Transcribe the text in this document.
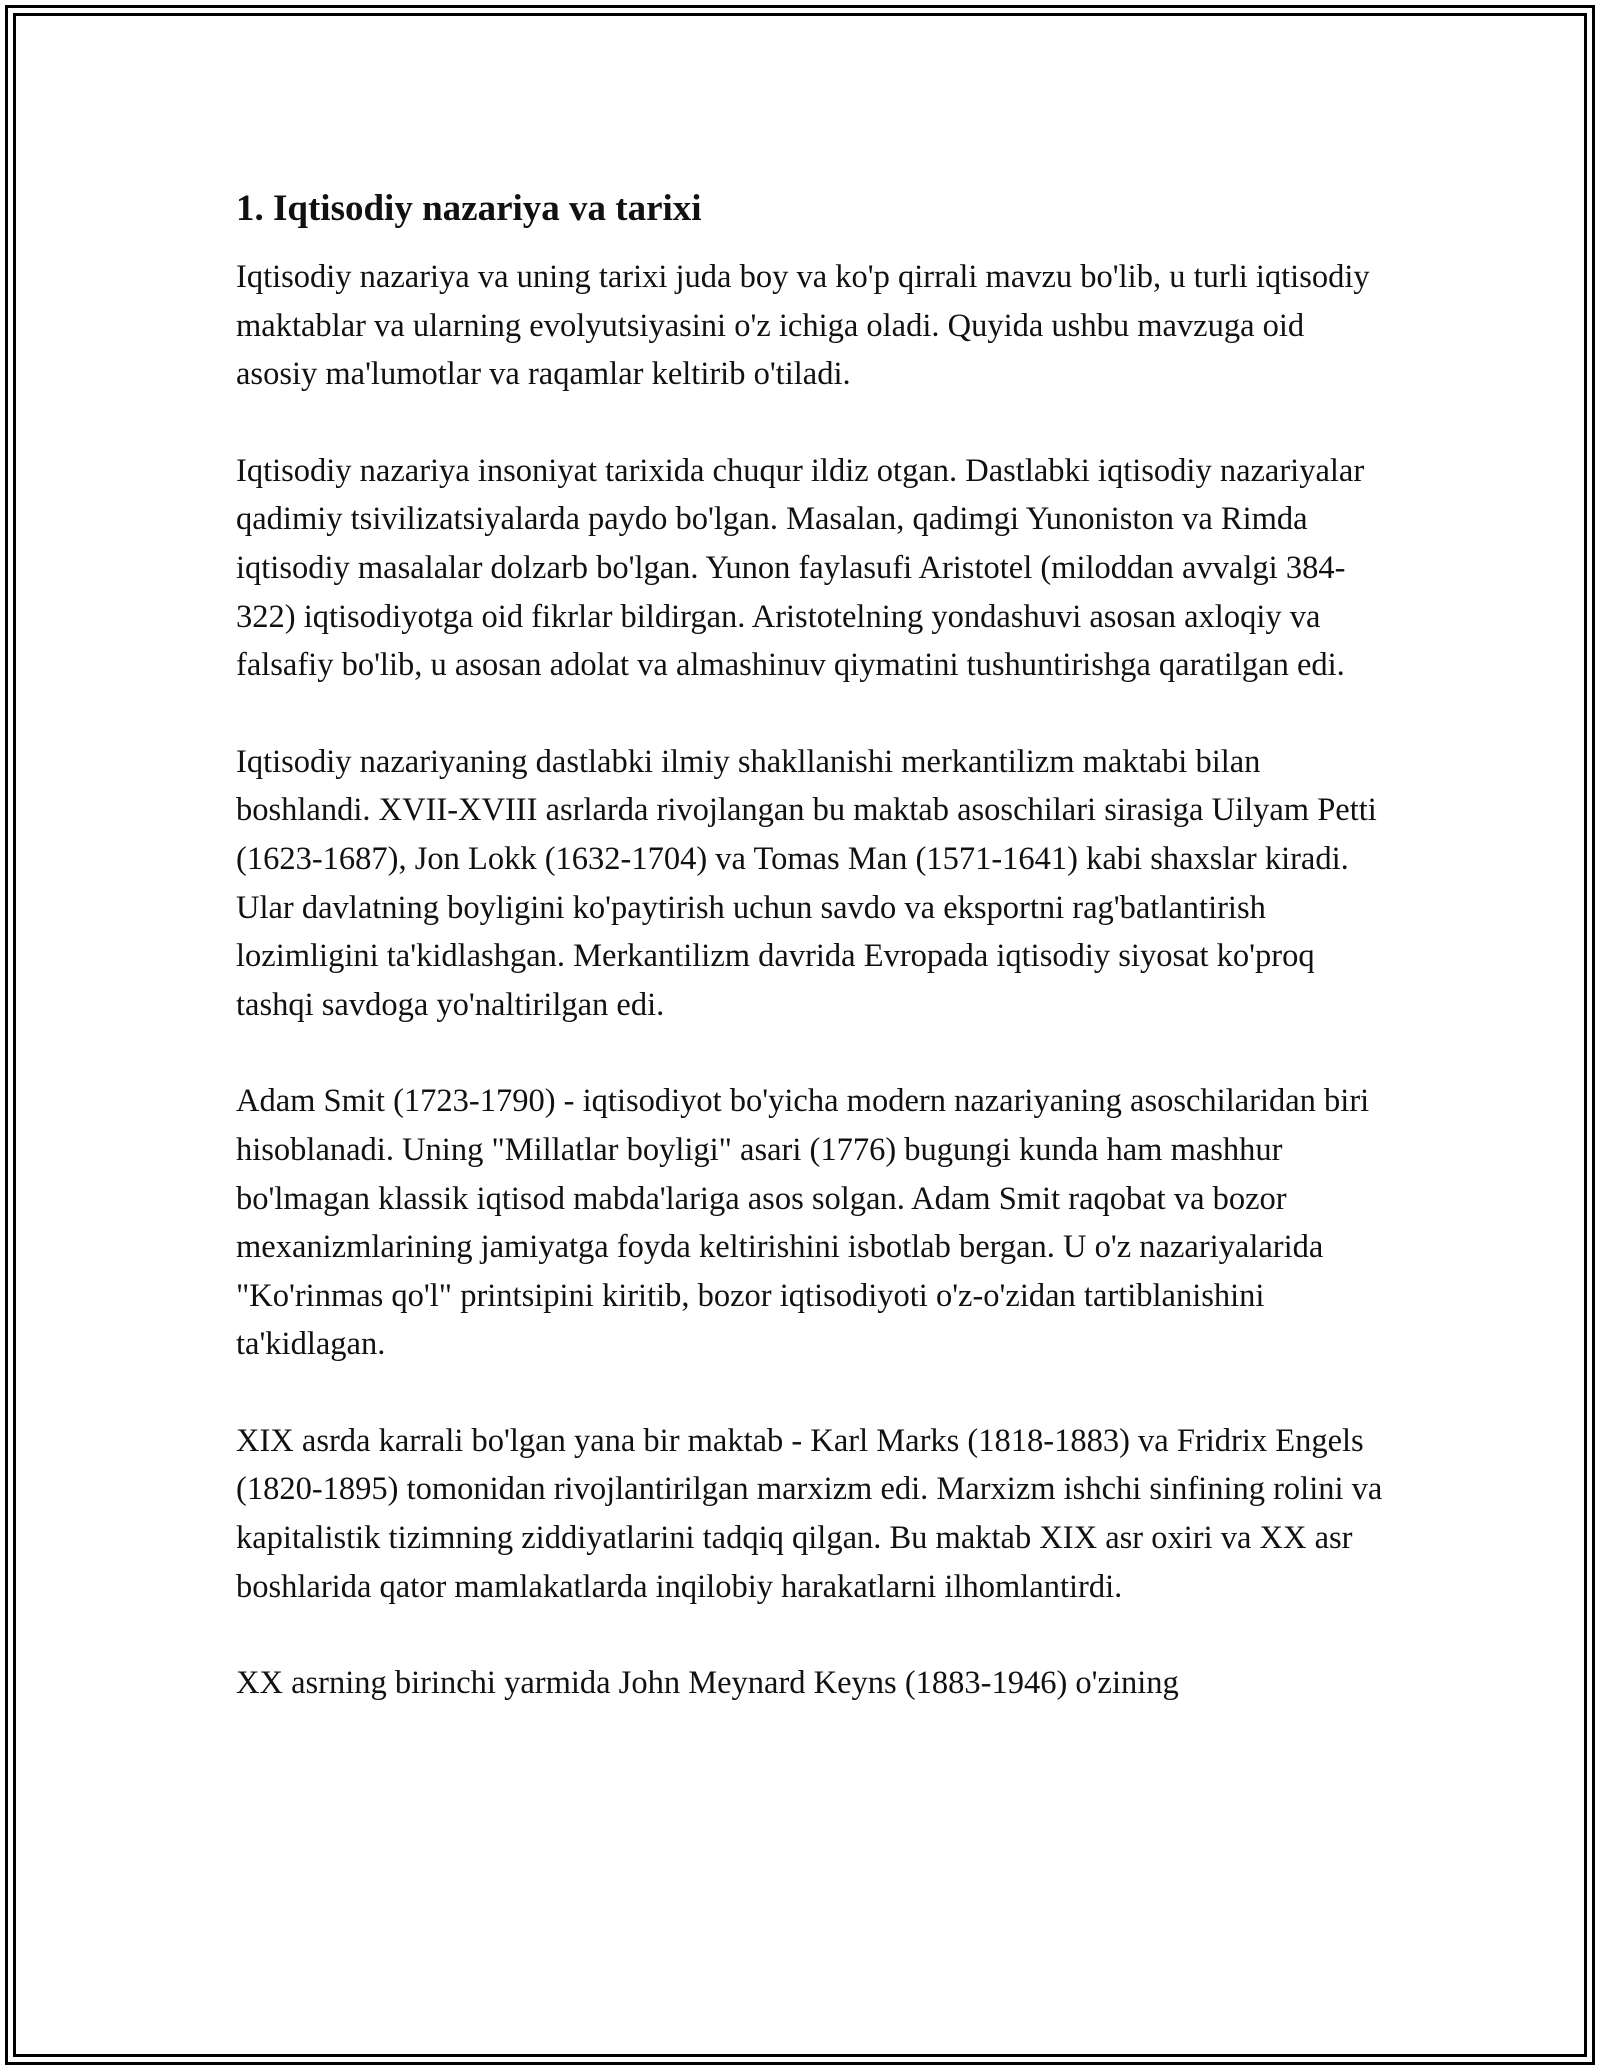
1. Iqtisodiy nazariya va tarixi

Iqtisodiy nazariya va uning tarixi juda boy va ko'p qirrali mavzu bo'lib, u turli iqtisodiy maktablar va ularning evolyutsiyasini o'z ichiga oladi. Quyida ushbu mavzuga oid asosiy ma'lumotlar va raqamlar keltirib o'tiladi.

Iqtisodiy nazariya insoniyat tarixida chuqur ildiz otgan. Dastlabki iqtisodiy nazariyalar qadimiy tsivilizatsiyalarda paydo bo'lgan. Masalan, qadimgi Yunoniston va Rimda iqtisodiy masalalar dolzarb bo'lgan. Yunon faylasufi Aristotel (miloddan avvalgi 384-322) iqtisodiyotga oid fikrlar bildirgan. Aristotelning yondashuvi asosan axloqiy va falsafiy bo'lib, u asosan adolat va almashinuv qiymatini tushuntirishga qaratilgan edi.

Iqtisodiy nazariyaning dastlabki ilmiy shakllanishi merkantilizm maktabi bilan boshlandi. XVII-XVIII asrlarda rivojlangan bu maktab asoschilari sirasiga Uilyam Petti (1623-1687), Jon Lokk (1632-1704) va Tomas Man (1571-1641) kabi shaxslar kiradi. Ular davlatning boyligini ko'paytirish uchun savdo va eksportni rag'batlantirish lozimligini ta'kidlashgan. Merkantilizm davrida Evropada iqtisodiy siyosat ko'proq tashqi savdoga yo'naltirilgan edi.

Adam Smit (1723-1790) - iqtisodiyot bo'yicha modern nazariyaning asoschilaridan biri hisoblanadi. Uning "Millatlar boyligi" asari (1776) bugungi kunda ham mashhur bo'lmagan klassik iqtisod mabda'lariga asos solgan. Adam Smit raqobat va bozor mexanizmlarining jamiyatga foyda keltirishini isbotlab bergan. U o'z nazariyalarida "Ko'rinmas qo'l" printsipini kiritib, bozor iqtisodiyoti o'z-o'zidan tartiblanishini ta'kidlagan.

XIX asrda karrali bo'lgan yana bir maktab - Karl Marks (1818-1883) va Fridrix Engels (1820-1895) tomonidan rivojlantirilgan marxizm edi. Marxizm ishchi sinfining rolini va kapitalistik tizimning ziddiyatlarini tadqiq qilgan. Bu maktab XIX asr oxiri va XX asr boshlarida qator mamlakatlarda inqilobiy harakatlarni ilhomlantirdi.

XX asrning birinchi yarmida John Meynard Keyns (1883-1946) o'zining
